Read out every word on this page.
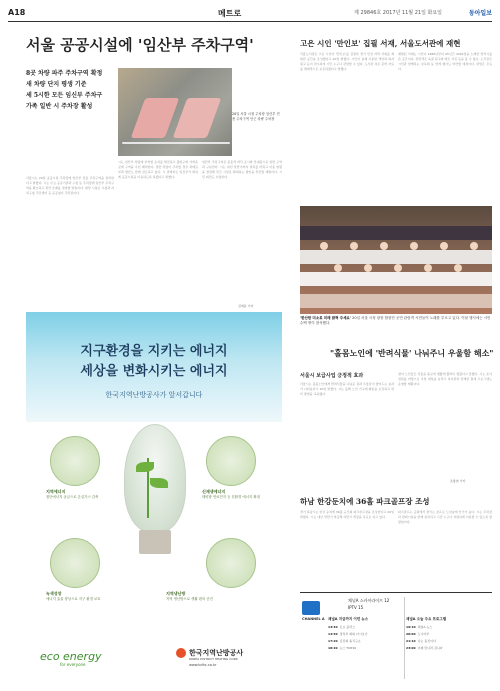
A18	메트로	제 29846호 2017년 11월 21일 화요일	동아일보
서울 공공시설에 '임산부 주차구역'
8곳 차량 파주 주차구역 확정
새 차량 단지 평생 기준
세 5시한 모든 임신부 주차구
가족 일반 시 주차장 활성
20일 서울 시청 주차장 임산부 전용 주차구역 인근 차량 주차장
서울시는 20일 공공시설 주차장에 임산부 전용 주차구역을 설치한다고 밝혔다. 시는 주요 공공기관과 구청 등 주차장에 임산부 주차구역을 확보하고 관련 조례를 정비할 방침이다. 대상 시설은 시청과 자치구청 주민센터 등 공공청사 주차장이다.
시는 임산부 차량에 부착할 표지를 발급하고 출입구와 가까운 곳에 구역을 우선 배치한다. 일반 차량이 주차할 경우 과태료 부과 방안도 함께 검토하고 있다. 시 관계자는 임신부가 편하게 공공시설을 이용하도록 하겠다고 말했다.
임산부 주차구역은 분홍색 바닥 표시와 안내판으로 일반 구역과 구분한다. 시는 내년 상반기까지 설치를 마치고 이용 현황을 점검해 민간 시설로 확대하는 방안을 추진할 계획이다. 시민 의견도 수렴한다.
김예윤 기자
지구환경을 지키는 에너지
세상을 변화시키는 에너지
한국지역난방공사가 앞서갑니다
지역에너지
집단에너지 공급으로 온실가스 감축
신재생에너지
태양광 연료전지 등 친환경 에너지 확대
녹색성장
에너지 효율 향상으로 지구 환경 보호
지역냉난방
지역 냉난방으로 생활 편의 증진
eco energy
for everyone
한국지역난방공사
KOREA DISTRICT HEATING CORP.
www.kdhc.co.kr
고은 시인 '만인보' 집필 서재, 서울도서관에 재현
서울도서관은 고은 시인이 '만인보'를 집필한 경기 안성 자택 서재를 재현한 공간을 조성했다고 20일 밝혔다. 시인이 실제 사용한 책상과 의자 원고 등이 전시되며 시민 누구나 관람할 수 있다. 도서관 측은 문학 자료를 체계적으로 보존하겠다고 말했다.
재현된 서재는 시인이 1986년부터 25년간 4001명을 노래한 연작시를 쓴 공간이다. 관람객은 육필 원고와 메모 사진 등을 볼 수 있다. 도서관은 시인과 함께하는 낭독회 등 연계 행사도 마련할 예정이다. 관람은 무료다.
'한산한 미소로 미래 밝혀 주세요' 20일 서울 시청 광장 합창단 공연 관람객 시민들이 노래를 부르고 있다. 이날 행사에는 시민 수백 명이 참석했다.
"홀몸노인에 '반려식물' 나눠주니 우울함 해소"
서울시 보급사업 긍정적 효과
서울시는 홀몸노인에게 반려식물을 나눠준 결과 우울감이 줄어드는 효과가 나타났다고 20일 밝혔다. 시는 올해 노인 가구에 화분을 보급하고 관리 방법을 교육했다.
참여 노인들은 식물을 돌보며 생활에 활력이 생겼다고 답했다. 시는 조사 결과를 바탕으로 사업 대상을 늘리고 복지관과 연계한 원예 프로그램도 운영할 계획이다.
조종엽 기자
하남 한강둔치에 36홀 파크골프장 조성
경기 하남시는 한강 둔치에 36홀 규모의 파크골프장을 조성한다고 20일 밝혔다. 시는 내년 상반기 착공해 하반기 개장을 목표로 하고 있다.
파크골프는 공원에서 즐기는 골프로 노년층에 인기가 높다. 시는 주차장과 편의시설을 함께 설치하고 시민 누구나 저렴하게 이용할 수 있도록 할 방침이다.
CHANNEL A
채널A 스카이라이프 12
IPTV 15
채널A 지금까지 이런 뉴스	채널A 오늘 주요 프로그램
13:40 토요 플러스
14:50 정치부 회의 다시보기
17:20 김진의 돌직구쇼
18:20 뉴스 TOP10
19:10 채널A 뉴스
20:00 도시어부
21:10 나는 몸신이다
23:00 이제 만나러 갑니다
